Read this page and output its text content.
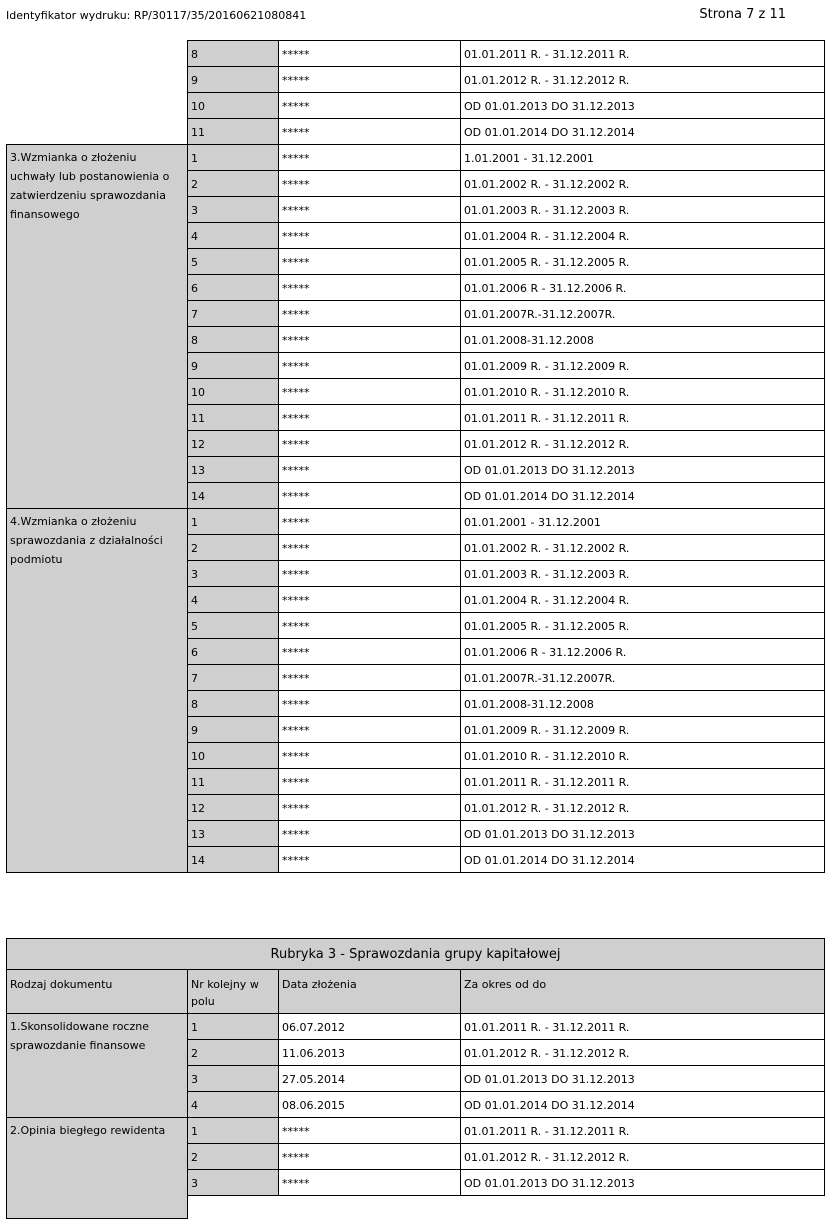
Identyfikator wydruku: RP/30117/35/20160621080841	Strona 7 z 11
	8	*****	01.01.2011 R. - 31.12.2011 R.
	9	*****	01.01.2012 R. - 31.12.2012 R.
	10	*****	OD 01.01.2013 DO 31.12.2013
	11	*****	OD 01.01.2014 DO 31.12.2014
3.Wzmianka o złożeniu uchwały lub postanowienia o zatwierdzeniu sprawozdania finansowego	1	*****	1.01.2001 - 31.12.2001
	2	*****	01.01.2002 R. - 31.12.2002 R.
	3	*****	01.01.2003 R. - 31.12.2003 R.
	4	*****	01.01.2004 R. - 31.12.2004 R.
	5	*****	01.01.2005 R. - 31.12.2005 R.
	6	*****	01.01.2006 R - 31.12.2006 R.
	7	*****	01.01.2007R.-31.12.2007R.
	8	*****	01.01.2008-31.12.2008
	9	*****	01.01.2009 R. - 31.12.2009 R.
	10	*****	01.01.2010 R. - 31.12.2010 R.
	11	*****	01.01.2011 R. - 31.12.2011 R.
	12	*****	01.01.2012 R. - 31.12.2012 R.
	13	*****	OD 01.01.2013 DO 31.12.2013
	14	*****	OD 01.01.2014 DO 31.12.2014
4.Wzmianka o złożeniu sprawozdania z działalności podmiotu	1	*****	01.01.2001 - 31.12.2001
	2	*****	01.01.2002 R. - 31.12.2002 R.
	3	*****	01.01.2003 R. - 31.12.2003 R.
	4	*****	01.01.2004 R. - 31.12.2004 R.
	5	*****	01.01.2005 R. - 31.12.2005 R.
	6	*****	01.01.2006 R - 31.12.2006 R.
	7	*****	01.01.2007R.-31.12.2007R.
	8	*****	01.01.2008-31.12.2008
	9	*****	01.01.2009 R. - 31.12.2009 R.
	10	*****	01.01.2010 R. - 31.12.2010 R.
	11	*****	01.01.2011 R. - 31.12.2011 R.
	12	*****	01.01.2012 R. - 31.12.2012 R.
	13	*****	OD 01.01.2013 DO 31.12.2013
	14	*****	OD 01.01.2014 DO 31.12.2014
Rubryka 3 - Sprawozdania grupy kapitałowej			
Rodzaj dokumentu	Nr kolejny w polu	Data złożenia	Za okres od do
1.Skonsolidowane roczne sprawozdanie finansowe	1	06.07.2012	01.01.2011 R. - 31.12.2011 R.
	2	11.06.2013	01.01.2012 R. - 31.12.2012 R.
	3	27.05.2014	OD 01.01.2013 DO 31.12.2013
	4	08.06.2015	OD 01.01.2014 DO 31.12.2014
2.Opinia biegłego rewidenta	1	*****	01.01.2011 R. - 31.12.2011 R.
	2	*****	01.01.2012 R. - 31.12.2012 R.
	3	*****	OD 01.01.2013 DO 31.12.2013
